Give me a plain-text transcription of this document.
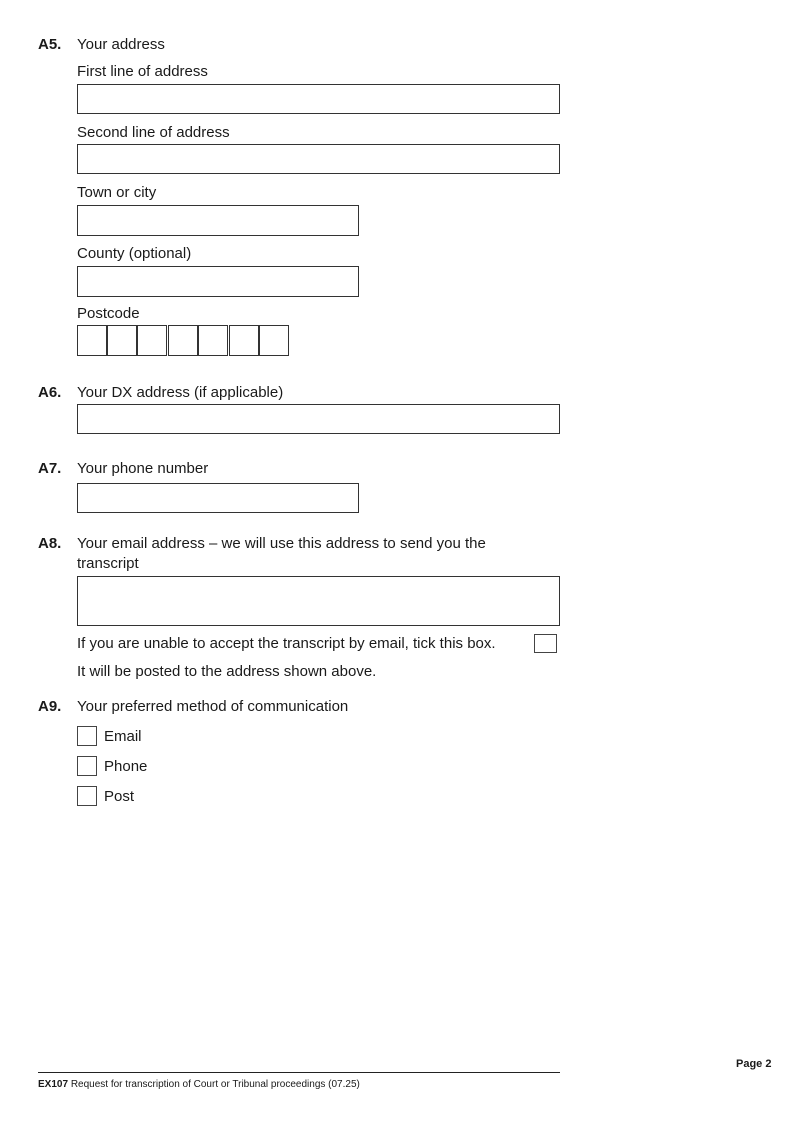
A5. Your address
First line of address
Second line of address
Town or city
County (optional)
Postcode
A6. Your DX address (if applicable)
A7. Your phone number
A8. Your email address – we will use this address to send you the
transcript
If you are unable to accept the transcript by email, tick this box.
It will be posted to the address shown above.
A9. Your preferred method of communication
Email
Phone
Post
Page 2
EX107 Request for transcription of Court or Tribunal proceedings (07.25)
